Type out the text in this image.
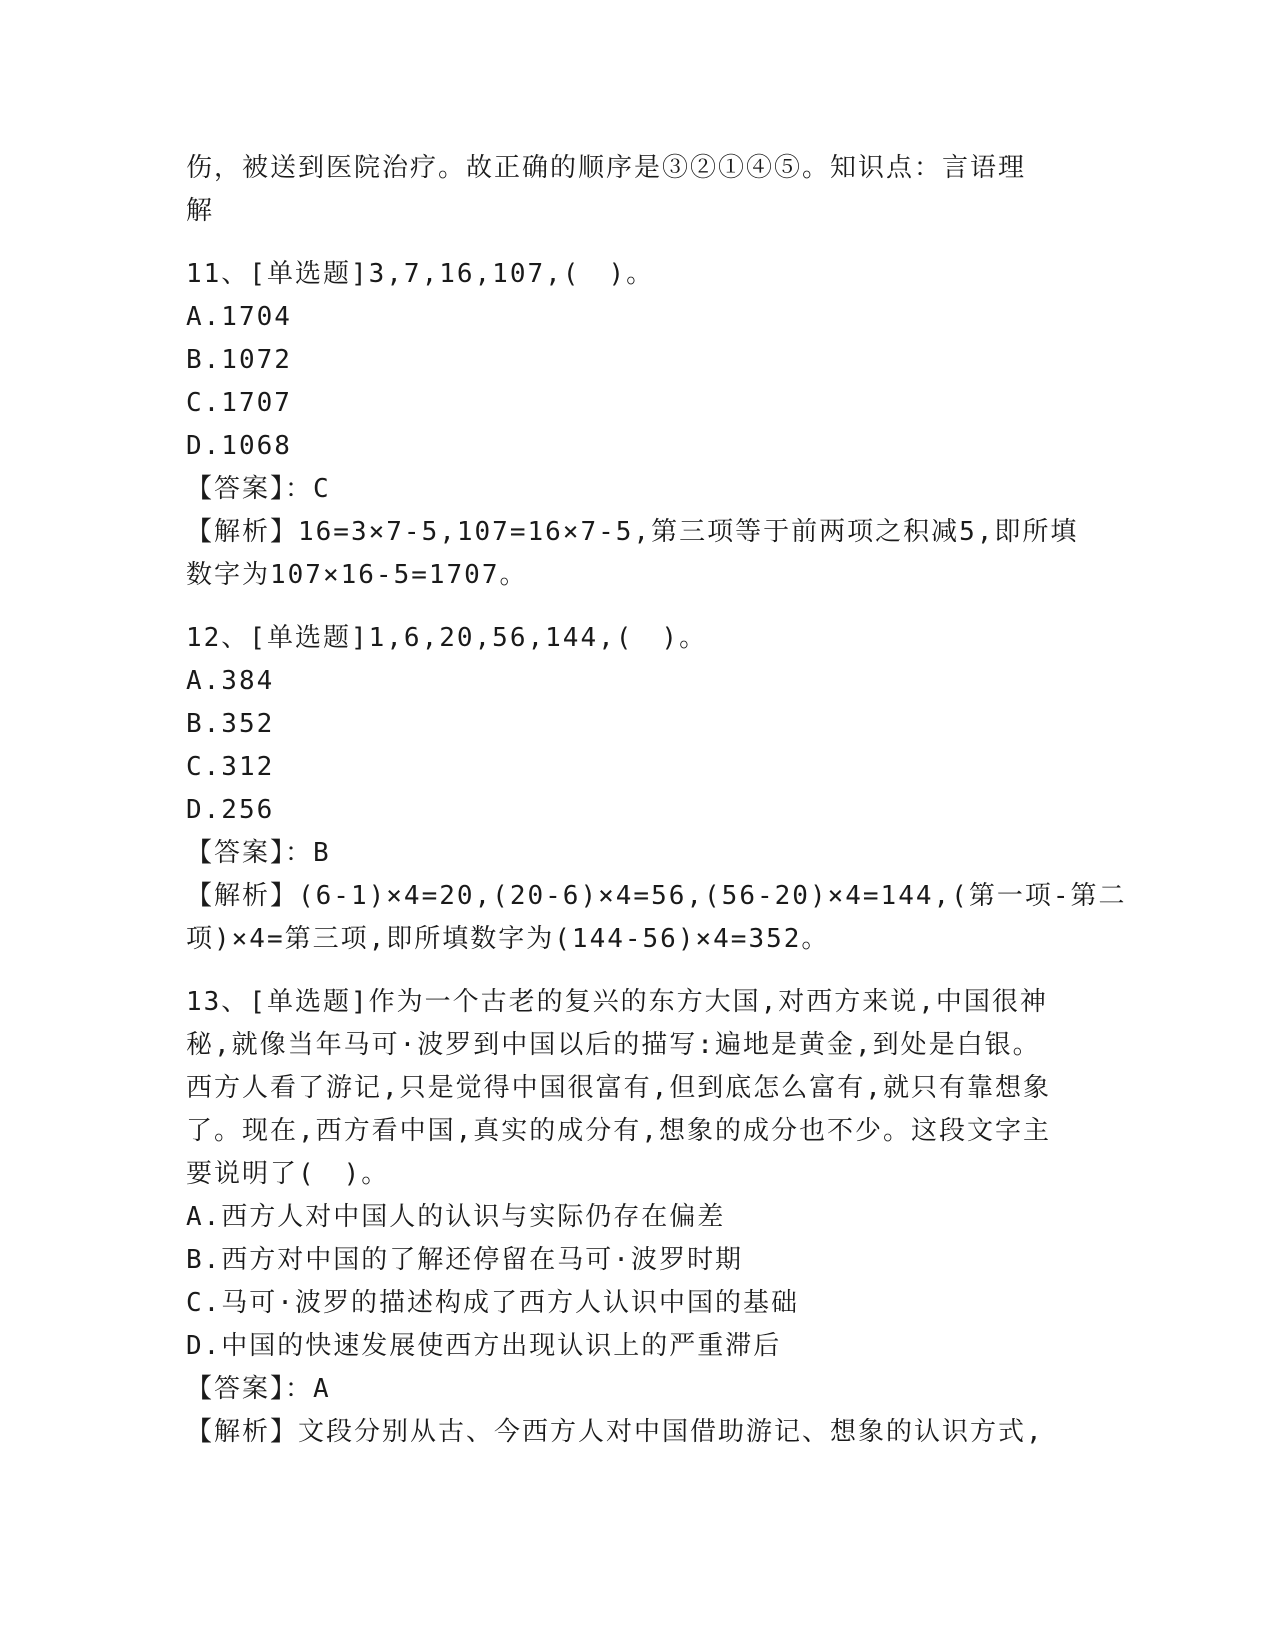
伤，被送到医院治疗。故正确的顺序是③②①④⑤。知识点：言语理
解
11、[单选题]3,7,16,107,(　)。
A.1704
B.1072
C.1707
D.1068
【答案】：C
【解析】16=3×7-5,107=16×7-5,第三项等于前两项之积减5,即所填
数字为107×16-5=1707。
12、[单选题]1,6,20,56,144,(　)。
A.384
B.352
C.312
D.256
【答案】：B
【解析】(6-1)×4=20,(20-6)×4=56,(56-20)×4=144,(第一项-第二
项)×4=第三项,即所填数字为(144-56)×4=352。
13、[单选题]作为一个古老的复兴的东方大国,对西方来说,中国很神
秘,就像当年马可·波罗到中国以后的描写:遍地是黄金,到处是白银。
西方人看了游记,只是觉得中国很富有,但到底怎么富有,就只有靠想象
了。现在,西方看中国,真实的成分有,想象的成分也不少。这段文字主
要说明了(　)。
A.西方人对中国人的认识与实际仍存在偏差
B.西方对中国的了解还停留在马可·波罗时期
C.马可·波罗的描述构成了西方人认识中国的基础
D.中国的快速发展使西方出现认识上的严重滞后
【答案】：A
【解析】文段分别从古、今西方人对中国借助游记、想象的认识方式,
